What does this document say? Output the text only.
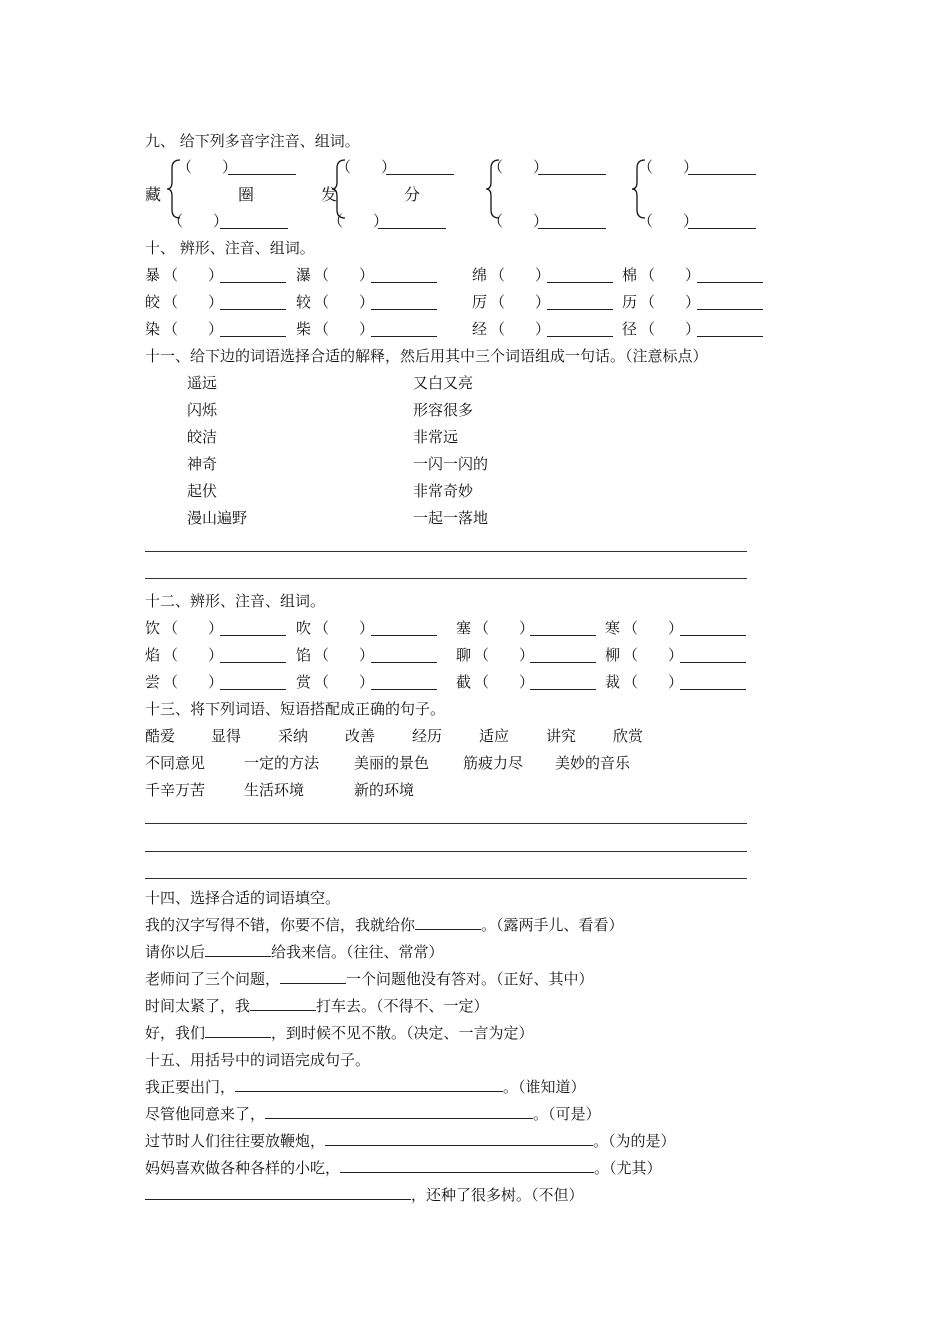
九、 给下列多音字注音、组词。
（　　）	（　　）	（　　）	（　　）
藏	圈	发	分
（　　）	（　　）	（　　）	（　　）
十、 辨形、注音、组词。
暴 （　　）	瀑 （　　）	绵 （　　）	棉 （　　）
皎 （　　）	较 （　　）	厉 （　　）	历 （　　）
染 （　　）	柴 （　　）	经 （　　）	径 （　　）
十一、给下边的词语选择合适的解释，然后用其中三个词语组成一句话。（注意标点）
遥远	又白又亮
闪烁	形容很多
皎洁	非常远
神奇	一闪一闪的
起伏	非常奇妙
漫山遍野	一起一落地
十二、辨形、注音、组词。
饮 （　　）	吹 （　　）	塞 （　　）	寒 （　　）
焰 （　　）	馅 （　　）	聊 （　　）	柳 （　　）
尝 （　　）	赏 （　　）	截 （　　）	裁 （　　）
十三、将下列词语、短语搭配成正确的句子。
酷爱 显得 采纳 改善 经历 适应 讲究 欣赏
不同意见	一定的方法 美丽的景色 筋疲力尽 美妙的音乐
千辛万苦	生活环境	新的环境
十四、选择合适的词语填空。
我的汉字写得不错，你要不信，我就给你	。（露两手儿、看看）
请你以后	给我来信。（往往、常常）
老师问了三个问题，	一个问题他没有答对。（正好、其中）
时间太紧了，我	打车去。（不得不、一定）
好，我们	，到时候不见不散。（决定、一言为定）
十五、用括号中的词语完成句子。
我正要出门，	。（谁知道）
尽管他同意来了，	。（可是）
过节时人们往往要放鞭炮，	。（为的是）
妈妈喜欢做各种各样的小吃，	。（尤其）
，还种了很多树。（不但）
